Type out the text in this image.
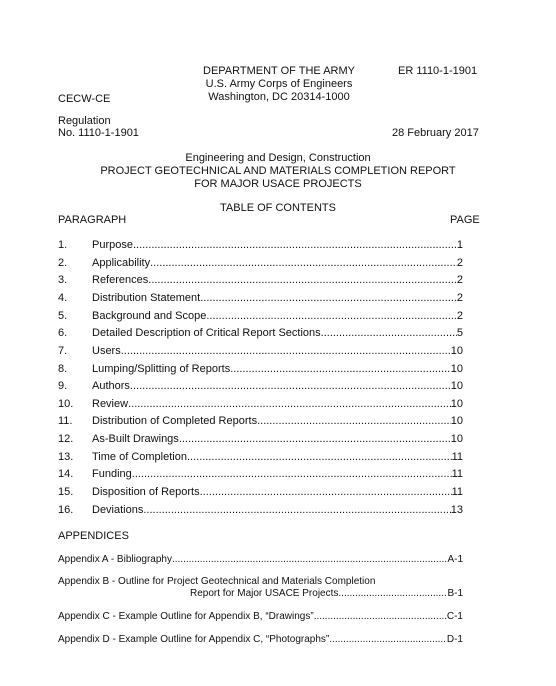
DEPARTMENT OF THE ARMY
U.S. Army Corps of Engineers
Washington, DC 20314-1000
ER 1110-1-1901
CECW-CE
Regulation
No. 1110-1-1901	28 February 2017
Engineering and Design, Construction
PROJECT GEOTECHNICAL AND MATERIALS COMPLETION REPORT
FOR MAJOR USACE PROJECTS
TABLE OF CONTENTS
PARAGRAPH	PAGE
1.	Purpose .....	1
2.	Applicability .....	2
3.	References .....	2
4.	Distribution Statement .....	2
5.	Background and Scope .....	2
6.	Detailed Description of Critical Report Sections .....	5
7.	Users .....	10
8.	Lumping/Splitting of Reports .....	10
9.	Authors .....	10
10.	Review .....	10
11.	Distribution of Completed Reports .....	10
12.	As-Built Drawings .....	10
13.	Time of Completion .....	11
14.	Funding .....	11
15.	Disposition of Reports .....	11
16.	Deviations .....	13
APPENDICES
Appendix A - Bibliography .....	A-1
Appendix B - Outline for Project Geotechnical and Materials Completion
Report for Major USACE Projects .....	B-1
Appendix C - Example Outline for Appendix B, “Drawings” .....	C-1
Appendix D - Example Outline for Appendix C, “Photographs” .....	D-1
